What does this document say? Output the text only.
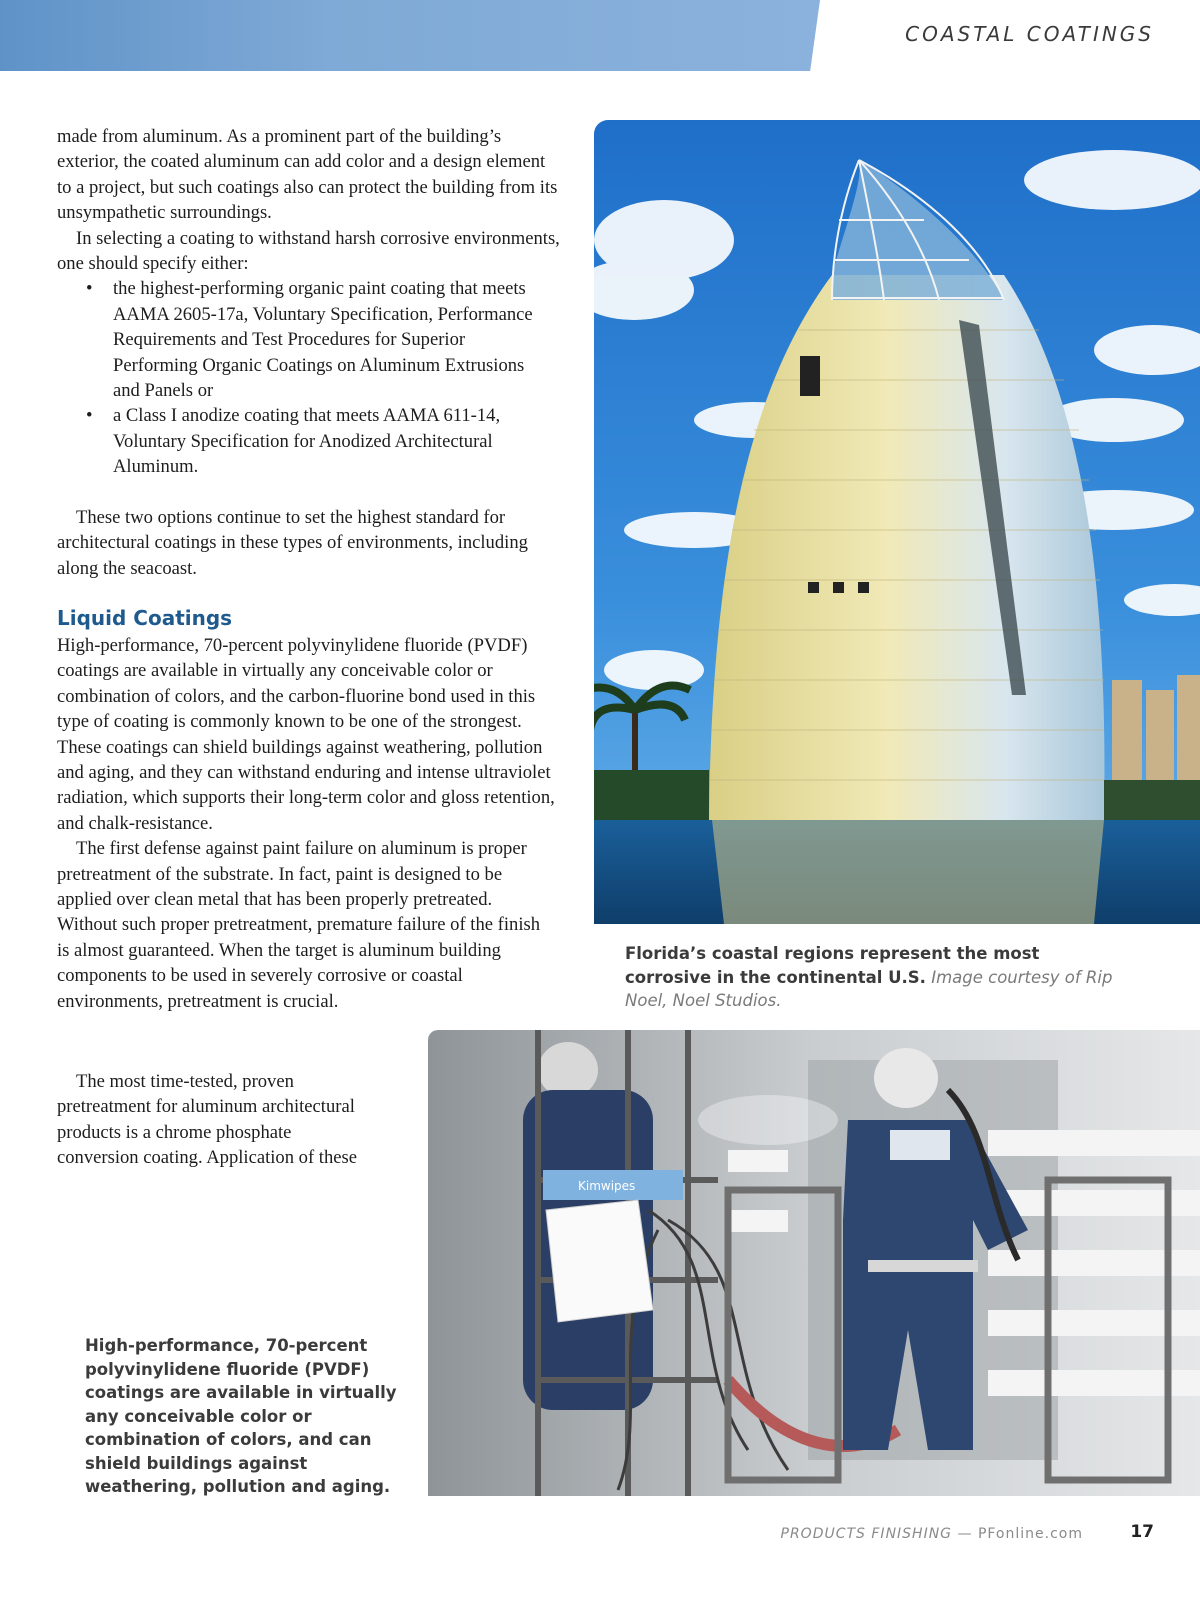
COASTAL COATINGS

made from aluminum. As a prominent part of the building’s exterior, the coated aluminum can add color and a design element to a project, but such coatings also can protect the building from its unsympathetic surroundings.

In selecting a coating to withstand harsh corrosive environments, one should specify either:

• the highest-performing organic paint coating that meets AAMA 2605-17a, Voluntary Specification, Performance Requirements and Test Procedures for Superior Performing Organic Coatings on Aluminum Extrusions and Panels or
• a Class I anodize coating that meets AAMA 611-14, Voluntary Specification for Anodized Architectural Aluminum.

These two options continue to set the highest standard for architectural coatings in these types of environments, including along the seacoast.

Liquid Coatings

High-performance, 70-percent polyvinylidene fluoride (PVDF) coatings are available in virtually any conceivable color or combination of colors, and the carbon-fluorine bond used in this type of coating is commonly known to be one of the strongest. These coatings can shield buildings against weathering, pollution and aging, and they can withstand enduring and intense ultraviolet radiation, which supports their long-term color and gloss retention, and chalk-resistance.

The first defense against paint failure on aluminum is proper pretreatment of the substrate. In fact, paint is designed to be applied over clean metal that has been properly pretreated. Without such proper pretreatment, premature failure of the finish is almost guaranteed. When the target is aluminum building components to be used in severely corrosive or coastal environments, pretreatment is crucial.

The most time-tested, proven pretreatment for aluminum architectural products is a chrome phosphate conversion coating. Application of these

Florida’s coastal regions represent the most corrosive in the continental U.S. Image courtesy of Rip Noel, Noel Studios.
Kimwipes

High-performance, 70-percent polyvinylidene fluoride (PVDF) coatings are available in virtually any conceivable color or combination of colors, and can shield buildings against weathering, pollution and aging.

PRODUCTS FINISHING — PFonline.com	17
